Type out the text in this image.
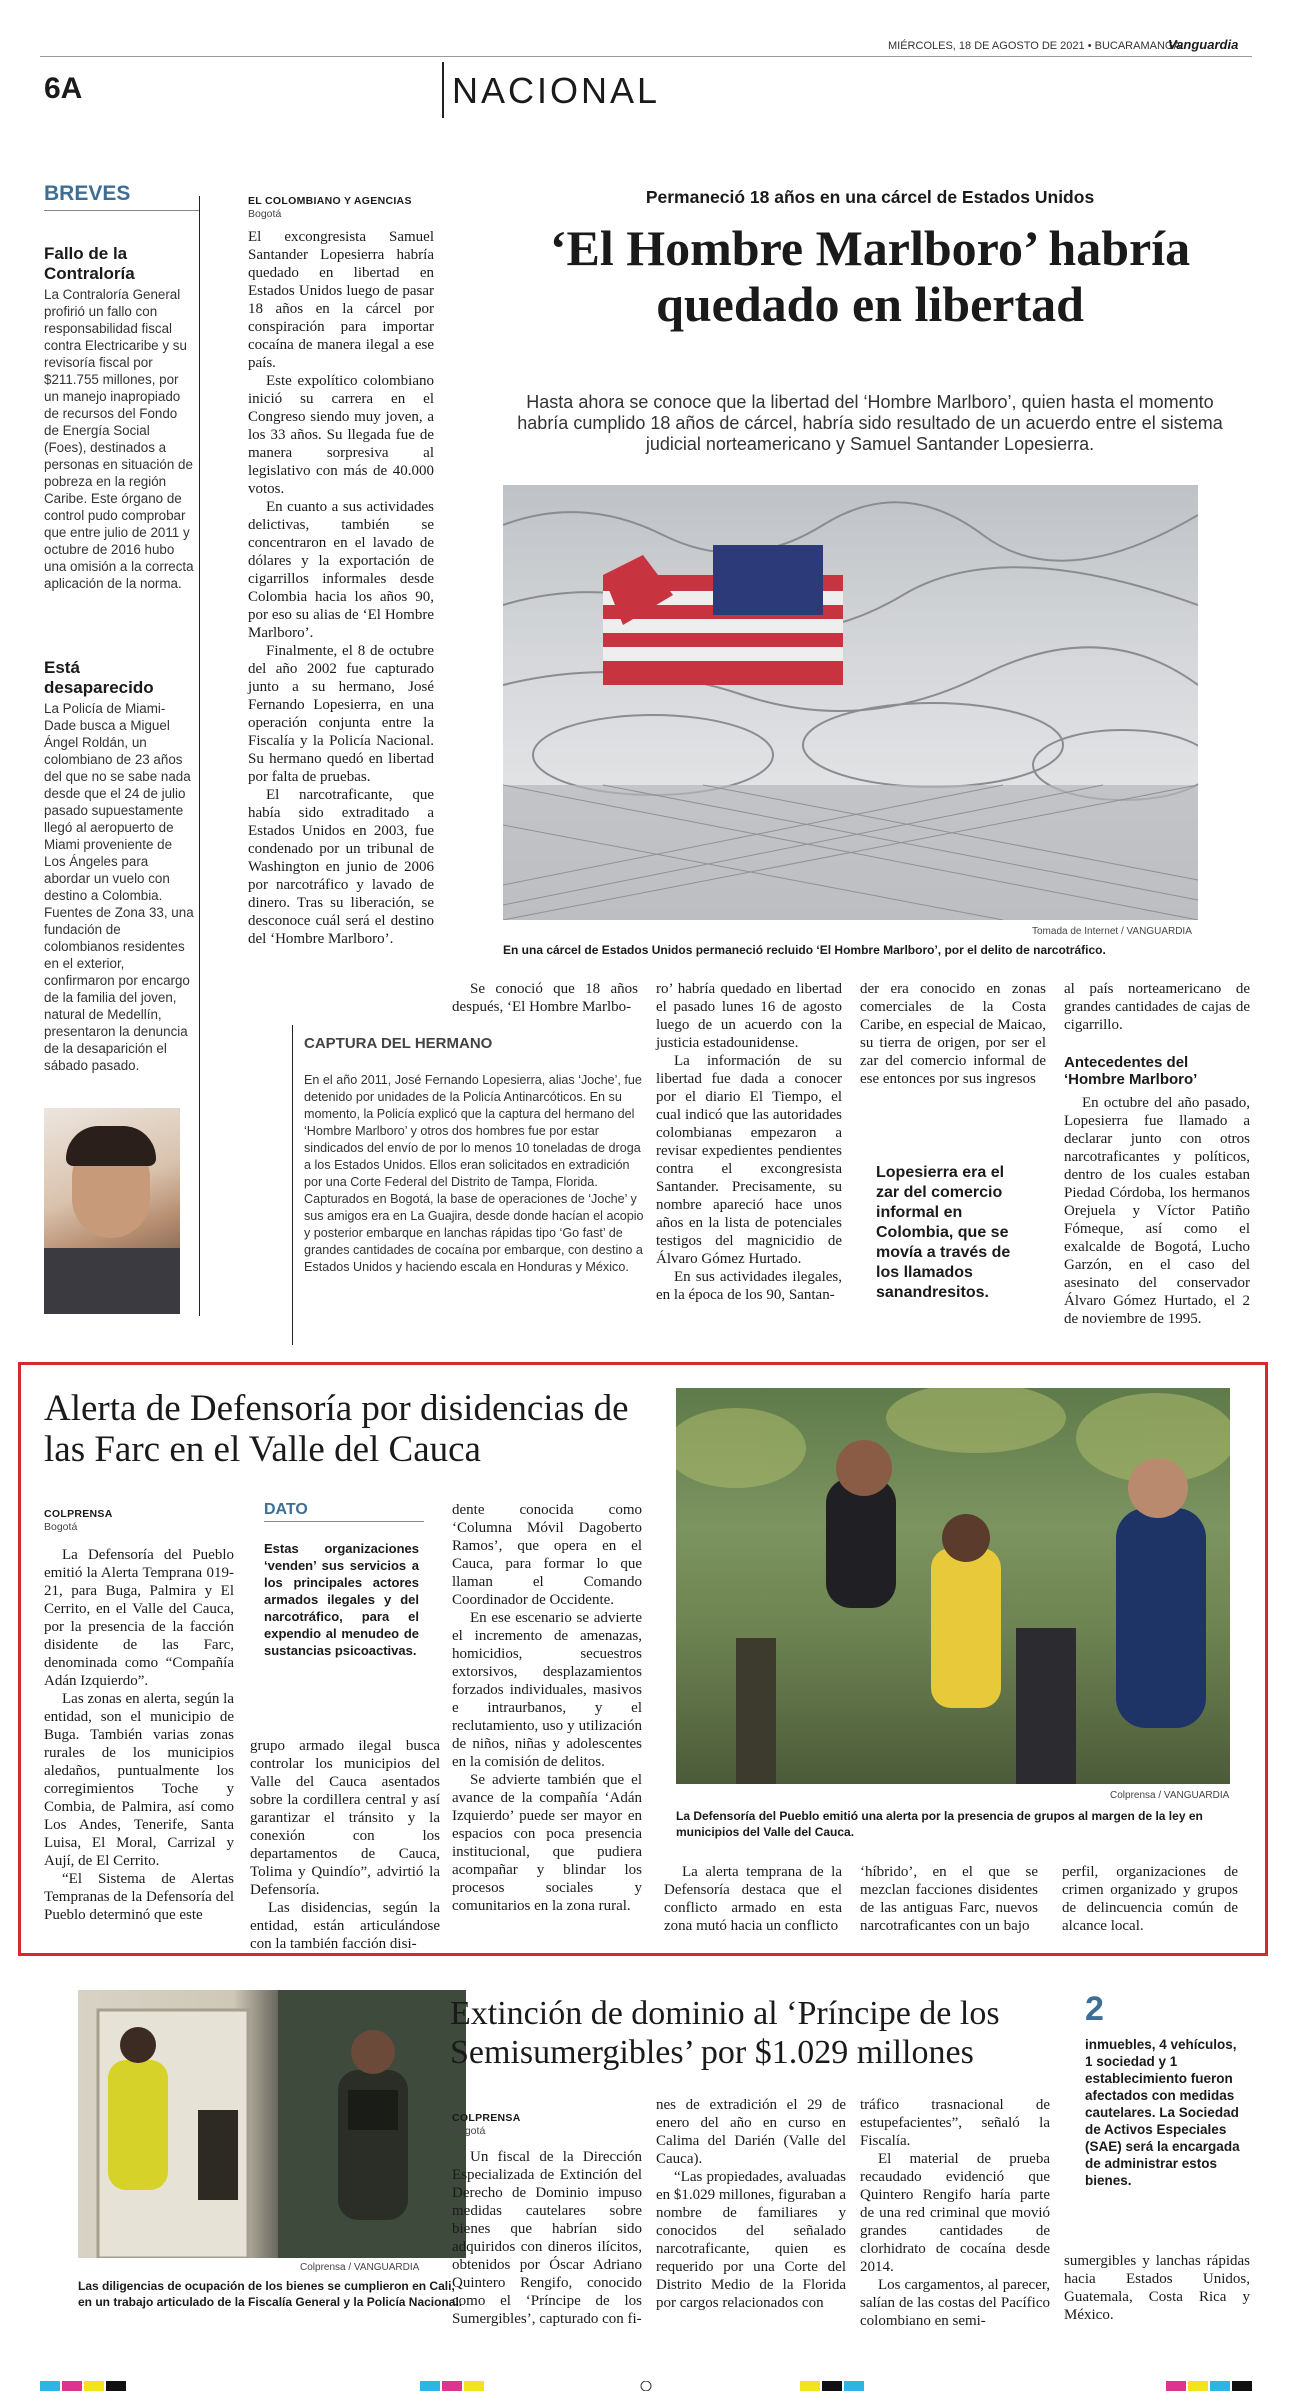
MIÉRCOLES, 18 DE AGOSTO DE 2021 • BUCARAMANGA
Vanguardia
6A	NACIONAL
BREVES
Fallo de la Contraloría
La Contraloría General profirió un fallo con responsabilidad fiscal contra Electricaribe y su revisoría fiscal por $211.755 millones, por un manejo inapropiado de recursos del Fondo de Energía Social (Foes), destinados a personas en situación de pobreza en la región Caribe. Este órgano de control pudo comprobar que entre julio de 2011 y octubre de 2016 hubo una omisión a la correcta aplicación de la norma.
Está desaparecido
La Policía de Miami-Dade busca a Miguel Ángel Roldán, un colombiano de 23 años del que no se sabe nada desde que el 24 de julio pasado supuestamente llegó al aeropuerto de Miami proveniente de Los Ángeles para abordar un vuelo con destino a Colombia. Fuentes de Zona 33, una fundación de colombianos residentes en el exterior, confirmaron por encargo de la familia del joven, natural de Medellín, presentaron la denuncia de la desaparición el sábado pasado.
EL COLOMBIANO Y AGENCIAS
Bogotá
Permaneció 18 años en una cárcel de Estados Unidos
‘El Hombre Marlboro’ habría quedado en libertad
Hasta ahora se conoce que la libertad del ‘Hombre Marlboro’, quien hasta el momento habría cumplido 18 años de cárcel, habría sido resultado de un acuerdo entre el sistema judicial norteamericano y Samuel Santander Lopesierra.
Tomada de Internet / VANGUARDIA
En una cárcel de Estados Unidos permaneció recluido ‘El Hombre Marlboro’, por el delito de narcotráfico.

El excongresista Samuel Santander Lopesierra habría quedado en libertad en Estados Unidos luego de pasar 18 años en la cárcel por conspiración para importar cocaína de manera ilegal a ese país.

Este expolítico colombiano inició su carrera en el Congreso siendo muy joven, a los 33 años. Su llegada fue de manera sorpresiva al legislativo con más de 40.000 votos.

En cuanto a sus actividades delictivas, también se concentraron en el lavado de dólares y la exportación de cigarrillos informales desde Colombia hacia los años 90, por eso su alias de ‘El Hombre Marlboro’.

Finalmente, el 8 de octubre del año 2002 fue capturado junto a su hermano, José Fernando Lopesierra, en una operación conjunta entre la Fiscalía y la Policía Nacional. Su hermano quedó en libertad por falta de pruebas.

El narcotraficante, que había sido extraditado a Estados Unidos en 2003, fue condenado por un tribunal de Washington en junio de 2006 por narcotráfico y lavado de dinero. Tras su liberación, se desconoce cuál será el destino del ‘Hombre Marlboro’.

Se conoció que 18 años después, ‘El Hombre Marlbo-
CAPTURA DEL HERMANO
En el año 2011, José Fernando Lopesierra, alias ‘Joche’, fue detenido por unidades de la Policía Antinarcóticos. En su momento, la Policía explicó que la captura del hermano del ‘Hombre Marlboro’ y otros dos hombres fue por estar sindicados del envío de por lo menos 10 toneladas de droga a los Estados Unidos. Ellos eran solicitados en extradición por una Corte Federal del Distrito de Tampa, Florida. Capturados en Bogotá, la base de operaciones de ‘Joche’ y sus amigos era en La Guajira, desde donde hacían el acopio y posterior embarque en lanchas rápidas tipo ‘Go fast’ de grandes cantidades de cocaína por embarque, con destino a Estados Unidos y haciendo escala en Honduras y México.

ro’ habría quedado en libertad el pasado lunes 16 de agosto luego de un acuerdo con la justicia estadounidense.

La información de su libertad fue dada a conocer por el diario El Tiempo, el cual indicó que las autoridades colombianas empezaron a revisar expedientes pendientes contra el excongresista Santander. Precisamente, su nombre apareció hace unos años en la lista de potenciales testigos del magnicidio de Álvaro Gómez Hurtado.

En sus actividades ilegales, en la época de los 90, Santan-

der era conocido en zonas comerciales de la Costa Caribe, en especial de Maicao, su tierra de origen, por ser el zar del comercio informal de ese entonces por sus ingresos
Lopesierra era el zar del comercio informal en Colombia, que se movía a través de los llamados sanandresitos.
al país norteamericano de grandes cantidades de cajas de cigarrillo.
Antecedentes del ‘Hombre Marlboro’
En octubre del año pasado, Lopesierra fue llamado a declarar junto con otros narcotraficantes y políticos, dentro de los cuales estaban Piedad Córdoba, los hermanos Orejuela y Víctor Patiño Fómeque, así como el exalcalde de Bogotá, Lucho Garzón, en el caso del asesinato del conservador Álvaro Gómez Hurtado, el 2 de noviembre de 1995.
Alerta de Defensoría por disidencias de las Farc en el Valle del Cauca
COLPRENSA
Bogotá

La Defensoría del Pueblo emitió la Alerta Temprana 019-21, para Buga, Palmira y El Cerrito, en el Valle del Cauca, por la presencia de la facción disidente de las Farc, denominada como “Compañía Adán Izquierdo”.

Las zonas en alerta, según la entidad, son el municipio de Buga. También varias zonas rurales de los municipios aledaños, puntualmente los corregimientos Toche y Combia, de Palmira, así como Los Andes, Tenerife, Santa Luisa, El Moral, Carrizal y Aují, de El Cerrito.

“El Sistema de Alertas Tempranas de la Defensoría del Pueblo determinó que este

DATO
Estas organizaciones ‘venden’ sus servicios a los principales actores armados ilegales y del narcotráfico, para el expendio al menudeo de sustancias psicoactivas.

grupo armado ilegal busca controlar los municipios del Valle del Cauca asentados sobre la cordillera central y así garantizar el tránsito y la conexión con los departamentos de Cauca, Tolima y Quindío”, advirtió la Defensoría.

Las disidencias, según la entidad, están articulándose con la también facción disi-

dente conocida como ‘Columna Móvil Dagoberto Ramos’, que opera en el Cauca, para formar lo que llaman el Comando Coordinador de Occidente.

En ese escenario se advierte el incremento de amenazas, homicidios, secuestros extorsivos, desplazamientos forzados individuales, masivos e intraurbanos, y el reclutamiento, uso y utilización de niños, niñas y adolescentes en la comisión de delitos.

Se advierte también que el avance de la compañía ‘Adán Izquierdo’ puede ser mayor en espacios con poca presencia institucional, que pudiera acompañar y blindar los procesos sociales y comunitarios en la zona rural.

Colprensa / VANGUARDIA
La Defensoría del Pueblo emitió una alerta por la presencia de grupos al margen de la ley en municipios del Valle del Cauca.
La alerta temprana de la Defensoría destaca que el conflicto armado en esta zona mutó hacia un conflicto
‘híbrido’, en el que se mezclan facciones disidentes de las antiguas Farc, nuevos narcotraficantes con un bajo
perfil, organizaciones de crimen organizado y grupos de delincuencia común de alcance local.
Colprensa / VANGUARDIA
Las diligencias de ocupación de los bienes se cumplieron en Cali, en un trabajo articulado de la Fiscalía General y la Policía Nacional.
Extinción de dominio al ‘Príncipe de los Semisumergibles’ por $1.029 millones
COLPRENSA
Bogotá
Un fiscal de la Dirección Especializada de Extinción del Derecho de Dominio impuso medidas cautelares sobre bienes que habrían sido adquiridos con dineros ilícitos, obtenidos por Óscar Adriano Quintero Rengifo, conocido como el ‘Príncipe de los Sumergibles’, capturado con fi-

nes de extradición el 29 de enero del año en curso en Calima del Darién (Valle del Cauca).

“Las propiedades, avaluadas en $1.029 millones, figuraban a nombre de familiares y conocidos del señalado narcotraficante, quien es requerido por una Corte del Distrito Medio de la Florida por cargos relacionados con

tráfico trasnacional de estupefacientes”, señaló la Fiscalía.

El material de prueba recaudado evidenció que Quintero Rengifo haría parte de una red criminal que movió grandes cantidades de clorhidrato de cocaína desde 2014.

Los cargamentos, al parecer, salían de las costas del Pacífico colombiano en semi-

2
inmuebles, 4 vehículos, 1 sociedad y 1 establecimiento fueron afectados con medidas cautelares. La Sociedad de Activos Especiales (SAE) será la encargada de administrar estos bienes.
sumergibles y lanchas rápidas hacia Estados Unidos, Guatemala, Costa Rica y México.
